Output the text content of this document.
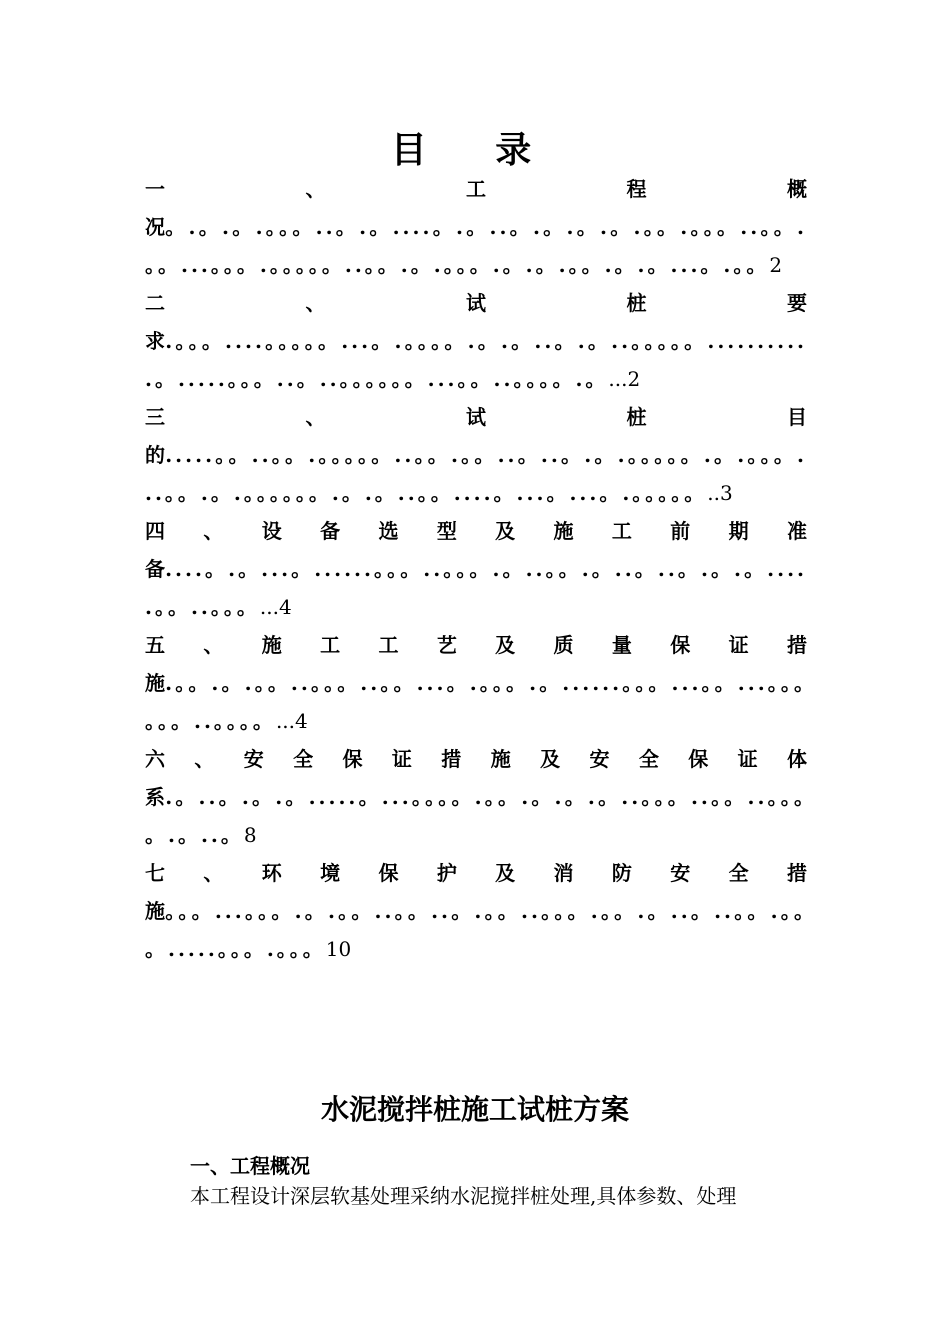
目 录
一、工程概
况。.。.。.。。。..。.。....。.。..。.。.。.。.。。.。。。..。。.。。...。。。.。。。。。..。。.。.。。。.。.。.。。.。.。...。.。。2
二、试桩要
求.。。。....。。。。。...。.。。。。.。.。..。.。..。。。。。...........。.....。。。..。..。。。。。。...。。..。。。。.。...2
三、试桩目
的.....。。..。。.。。。。。..。。.。。..。..。.。.。。。。。.。.。。。...。。.。.。。。。。。.。.。..。。....。...。...。.。。。。。..3
四、设备选型及施工前期准
备....。.。...。......。。。..。。。.。..。。.。..。..。.。.。.....。。..。。。...4
五、施工工艺及质量保证措
施.。。.。.。。..。。。..。。...。.。。。.。......。。。...。。...。。。。。。..。。。。...4
六、安全保证措施及安全保证体
系.。..。.。.。.....。...。。。。.。。.。.。.。..。。。..。。..。。。。.。..。8
七、环境保护及消防安全措
施。。。...。。。.。.。。..。。..。.。。..。。。.。。.。..。..。。.。。。.....。。。.。。。10
水泥搅拌桩施工试桩方案
一、工程概况
本工程设计深层软基处理采纳水泥搅拌桩处理,具体参数、处理
